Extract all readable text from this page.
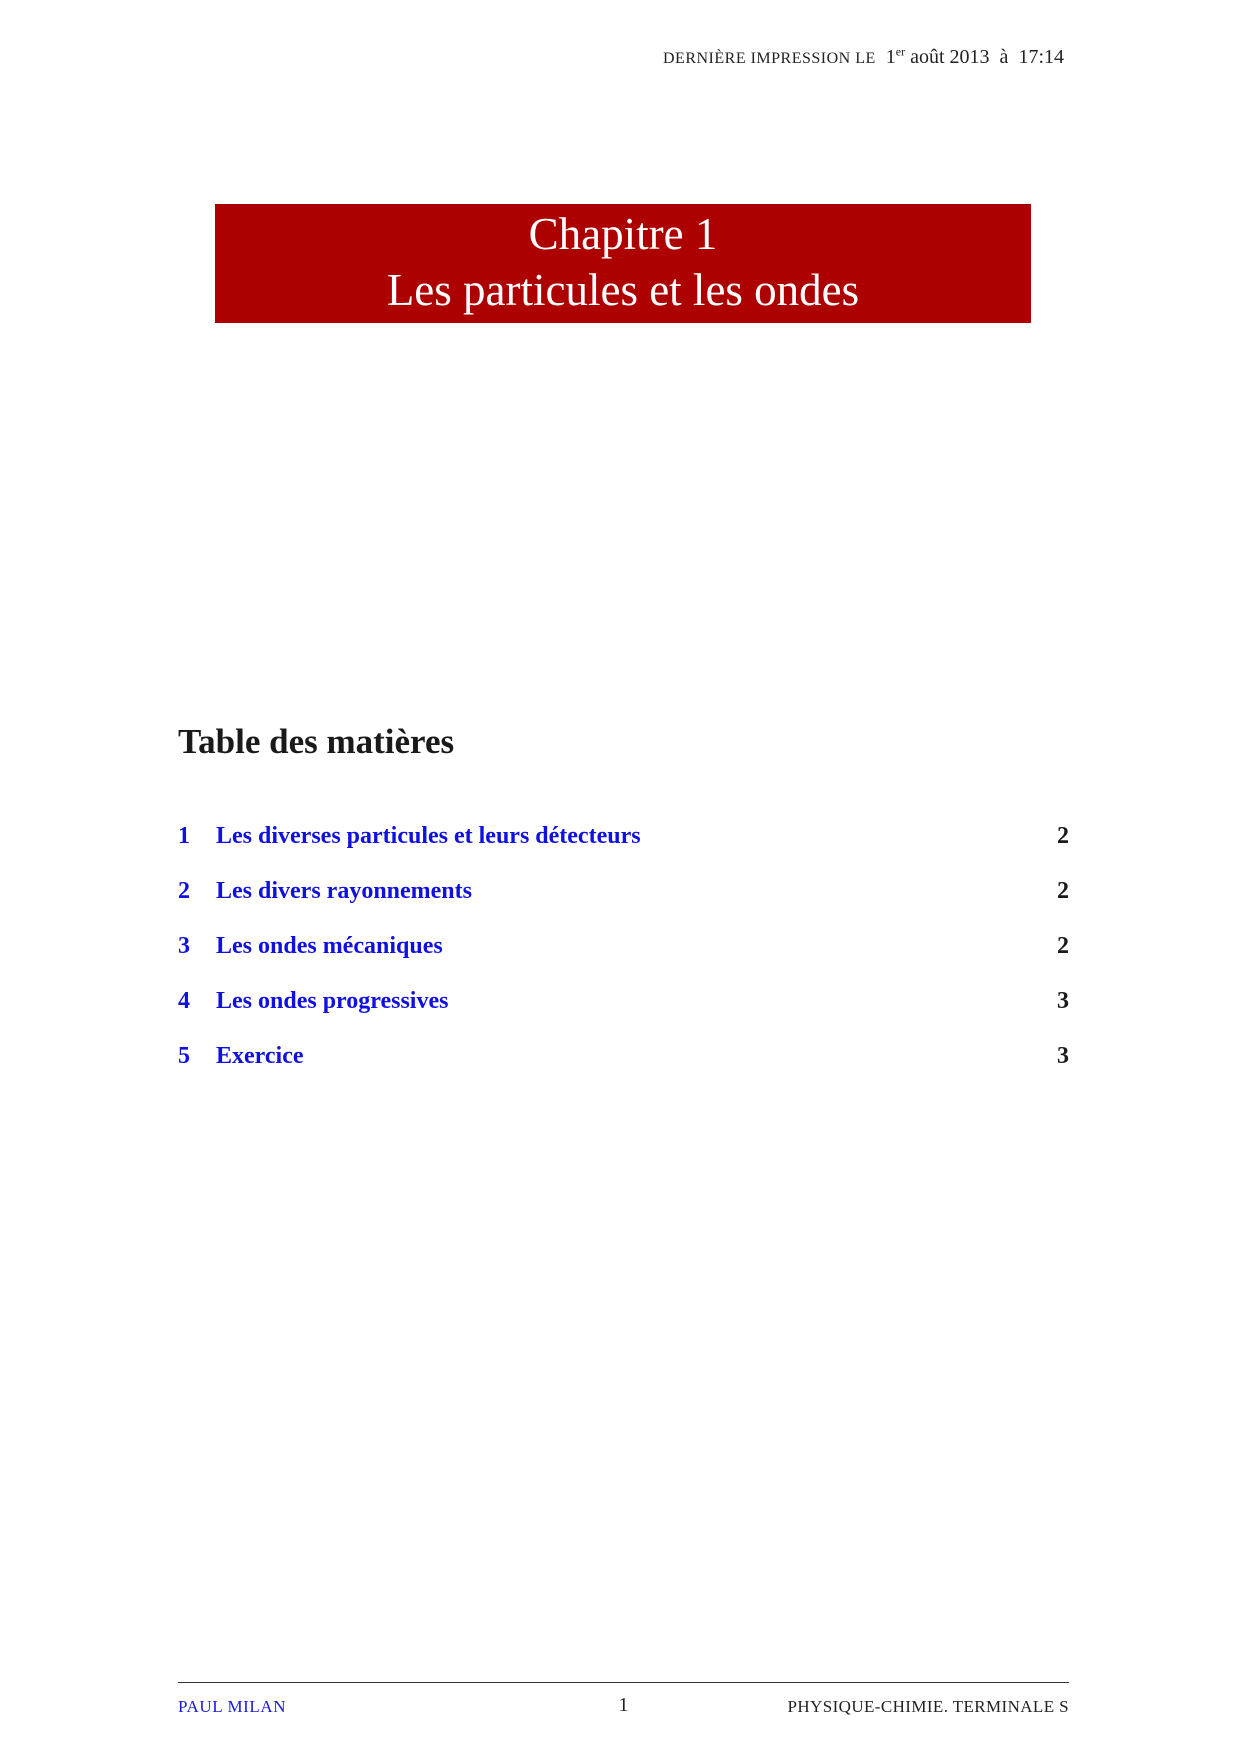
DERNIÈRE IMPRESSION LE 1er août 2013 à 17:14
Chapitre 1
Les particules et les ondes
Table des matières
1 Les diverses particules et leurs détecteurs	2
2 Les divers rayonnements	2
3 Les ondes mécaniques	2
4 Les ondes progressives	3
5 Exercice	3
PAUL MILAN	1	PHYSIQUE-CHIMIE. TERMINALE S
